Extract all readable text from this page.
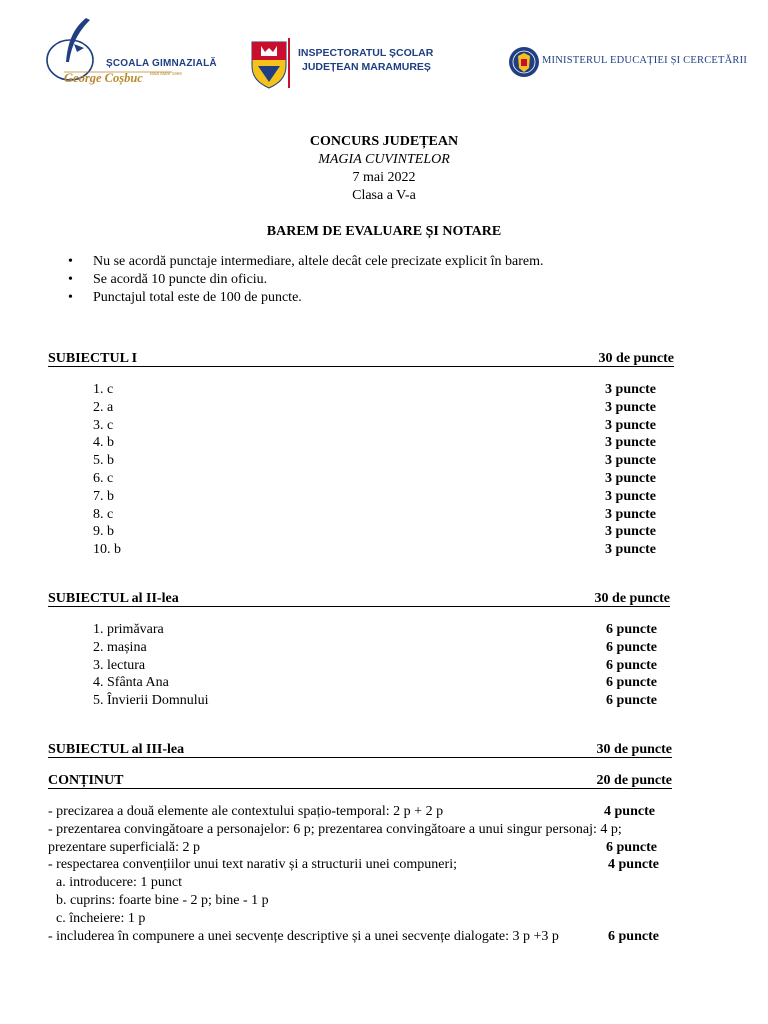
ȘCOALA GIMNAZIALĂ
George Coșbuc Baia Mare 1969
INSPECTORATUL ȘCOLAR
JUDEȚEAN MARAMUREȘ
MINISTERUL EDUCAȚIEI ȘI CERCETĂRII
CONCURS JUDEȚEAN
MAGIA CUVINTELOR
7 mai 2022
Clasa a V-a
BAREM DE EVALUARE ȘI NOTARE
• Nu se acordă punctaje intermediare, altele decât cele precizate explicit în barem.
• Se acordă 10 puncte din oficiu.
• Punctajul total este de 100 de puncte.
SUBIECTUL I	30 de puncte
1. c	3 puncte
2. a	3 puncte
3. c	3 puncte
4. b	3 puncte
5. b	3 puncte
6. c	3 puncte
7. b	3 puncte
8. c	3 puncte
9. b	3 puncte
10. b	3 puncte
SUBIECTUL al II-lea	30 de puncte
1. primăvara	6 puncte
2. mașina	6 puncte
3. lectura	6 puncte
4. Sfânta Ana	6 puncte
5. Învierii Domnului	6 puncte
SUBIECTUL al III-lea	30 de puncte
CONȚINUT	20 de puncte
- precizarea a două elemente ale contextului spațio-temporal: 2 p + 2 p	4 puncte
- prezentarea convingătoare a personajelor: 6 p; prezentarea convingătoare a unui singur personaj: 4 p;
prezentare superficială: 2 p	6 puncte
- respectarea convențiilor unui text narativ și a structurii unei compuneri;	4 puncte
a. introducere: 1 punct
b. cuprins: foarte bine - 2 p; bine - 1 p
c. încheiere: 1 p
- includerea în compunere a unei secvențe descriptive și a unei secvențe dialogate: 3 p +3 p	6 puncte
